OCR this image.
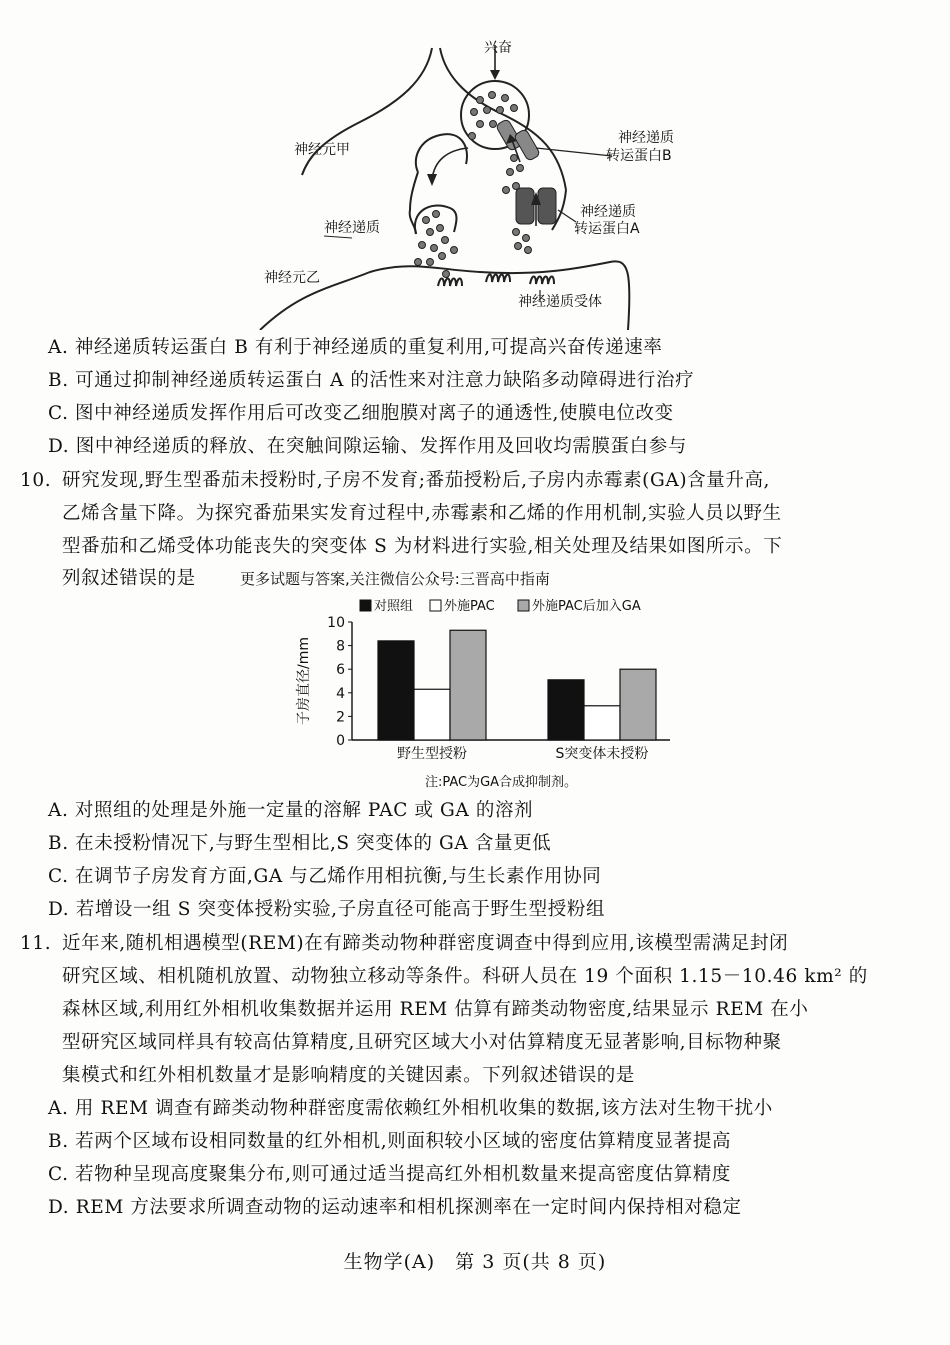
兴奋
神经元甲
神经元乙
神经递质
神经递质
转运蛋白B
神经递质
转运蛋白A
神经递质受体
A. 神经递质转运蛋白 B 有利于神经递质的重复利用,可提高兴奋传递速率
B. 可通过抑制神经递质转运蛋白 A 的活性来对注意力缺陷多动障碍进行治疗
C. 图中神经递质发挥作用后可改变乙细胞膜对离子的通透性,使膜电位改变
D. 图中神经递质的释放、在突触间隙运输、发挥作用及回收均需膜蛋白参与
10. 研究发现,野生型番茄未授粉时,子房不发育;番茄授粉后,子房内赤霉素(GA)含量升高,
乙烯含量下降。为探究番茄果实发育过程中,赤霉素和乙烯的作用机制,实验人员以野生
型番茄和乙烯受体功能丧失的突变体 S 为材料进行实验,相关处理及结果如图所示。下
列叙述错误的是	更多试题与答案,关注微信公众号:三晋高中指南
对照组 外施PAC	外施PAC后加入GA
0
2
4
6
8
10
子房直径/mm
野生型授粉	S突变体未授粉
注:PAC为GA合成抑制剂。
A. 对照组的处理是外施一定量的溶解 PAC 或 GA 的溶剂
B. 在未授粉情况下,与野生型相比,S 突变体的 GA 含量更低
C. 在调节子房发育方面,GA 与乙烯作用相抗衡,与生长素作用协同
D. 若增设一组 S 突变体授粉实验,子房直径可能高于野生型授粉组
11. 近年来,随机相遇模型(REM)在有蹄类动物种群密度调查中得到应用,该模型需满足封闭
研究区域、相机随机放置、动物独立移动等条件。科研人员在 19 个面积 1.15－10.46 km² 的
森林区域,利用红外相机收集数据并运用 REM 估算有蹄类动物密度,结果显示 REM 在小
型研究区域同样具有较高估算精度,且研究区域大小对估算精度无显著影响,目标物种聚
集模式和红外相机数量才是影响精度的关键因素。下列叙述错误的是
A. 用 REM 调查有蹄类动物种群密度需依赖红外相机收集的数据,该方法对生物干扰小
B. 若两个区域布设相同数量的红外相机,则面积较小区域的密度估算精度显著提高
C. 若物种呈现高度聚集分布,则可通过适当提高红外相机数量来提高密度估算精度
D. REM 方法要求所调查动物的运动速率和相机探测率在一定时间内保持相对稳定
生物学(A)　第 3 页(共 8 页)
